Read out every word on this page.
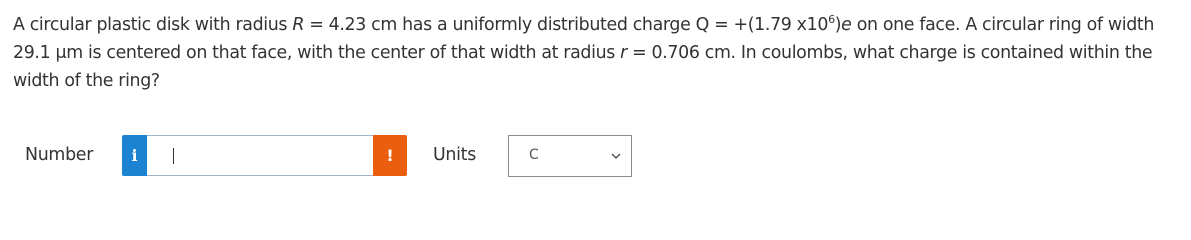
A circular plastic disk with radius R = 4.23 cm has a uniformly distributed charge Q = +(1.79 $x10^6)e$ on one face. A circular ring of width 29.1 μm is centered on that face, with the center of that width at radius r = 0.706 cm. In coulombs, what charge is contained within the width of the ring?
Number	i	!	Units	C
